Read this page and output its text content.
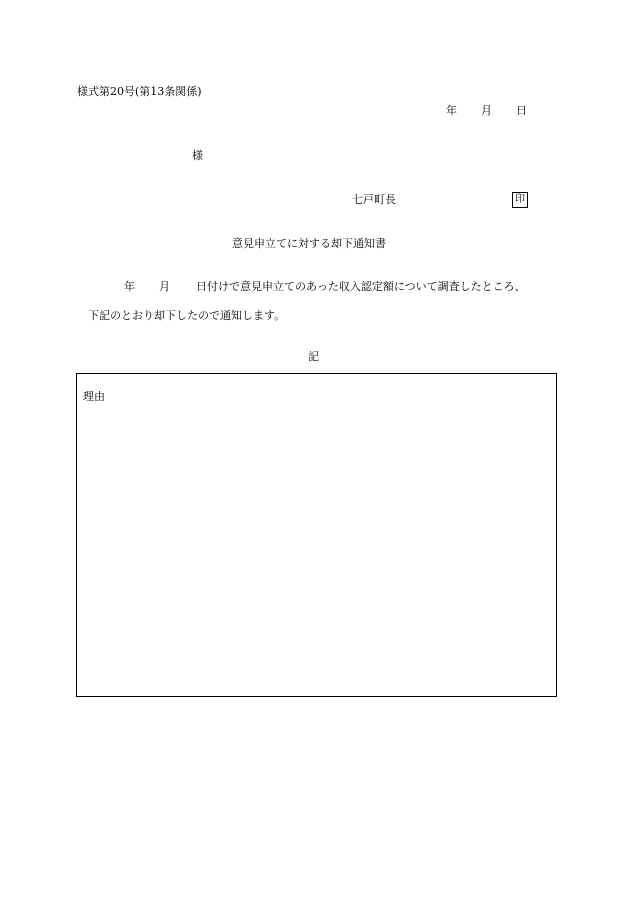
様式第20号(第13条関係)
年 月 日
様
七戸町長	印
意見申立てに対する却下通知書
年 月 日付けで意見申立てのあった収入認定額について調査したところ、
下記のとおり却下したので通知します。
記
理由
